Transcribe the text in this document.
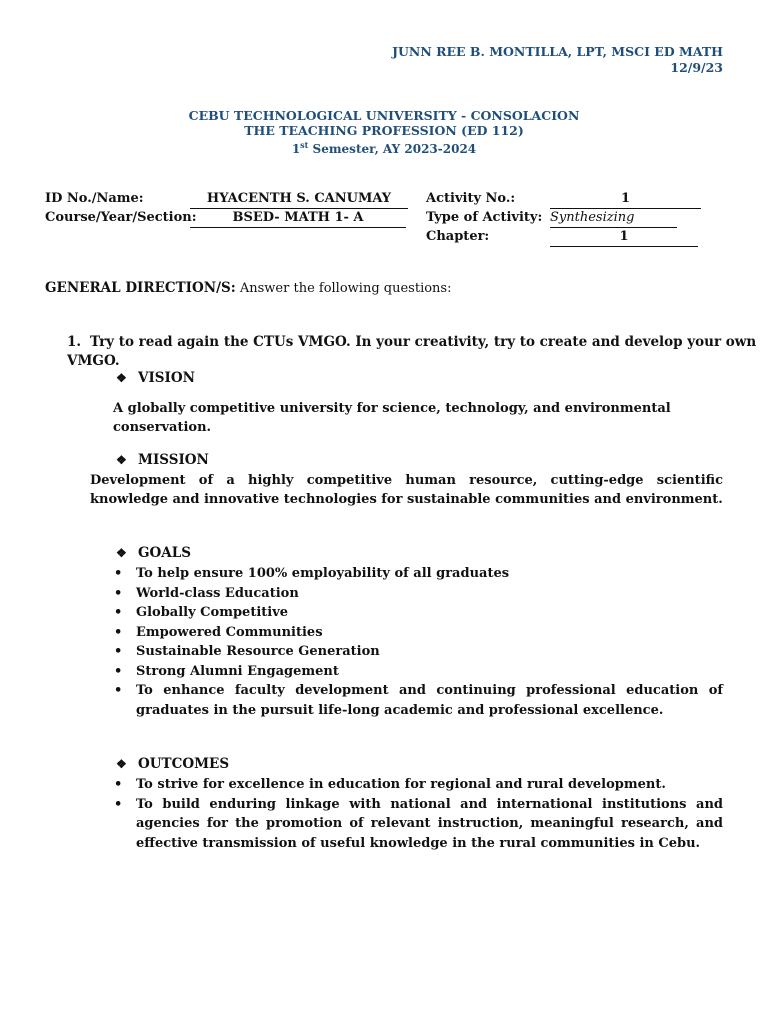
JUNN REE B. MONTILLA, LPT, MSCI ED MATH
12/9/23
CEBU TECHNOLOGICAL UNIVERSITY - CONSOLACION
THE TEACHING PROFESSION (ED 112)
1st Semester, AY 2023-2024
ID No./Name:	HYACENTH S. CANUMAY
Course/Year/Section:	BSED- MATH 1- A
Activity No.:	1
Type of Activity: Synthesizing
Chapter:	1
GENERAL DIRECTION/S: Answer the following questions:
1. Try to read again the CTUs VMGO. In your creativity, try to create and develop your own VMGO.
❖ VISION
A globally competitive university for science, technology, and environmental conservation.
❖ MISSION
Development of a highly competitive human resource, cutting-edge scientific knowledge and innovative technologies for sustainable communities and environment.
❖ GOALS
• To help ensure 100% employability of all graduates
• World-class Education
• Globally Competitive
• Empowered Communities
• Sustainable Resource Generation
• Strong Alumni Engagement
• To enhance faculty development and continuing professional education of graduates in the pursuit life-long academic and professional excellence.
❖ OUTCOMES
• To strive for excellence in education for regional and rural development.
• To build enduring linkage with national and international institutions and agencies for the promotion of relevant instruction, meaningful research, and effective transmission of useful knowledge in the rural communities in Cebu.
